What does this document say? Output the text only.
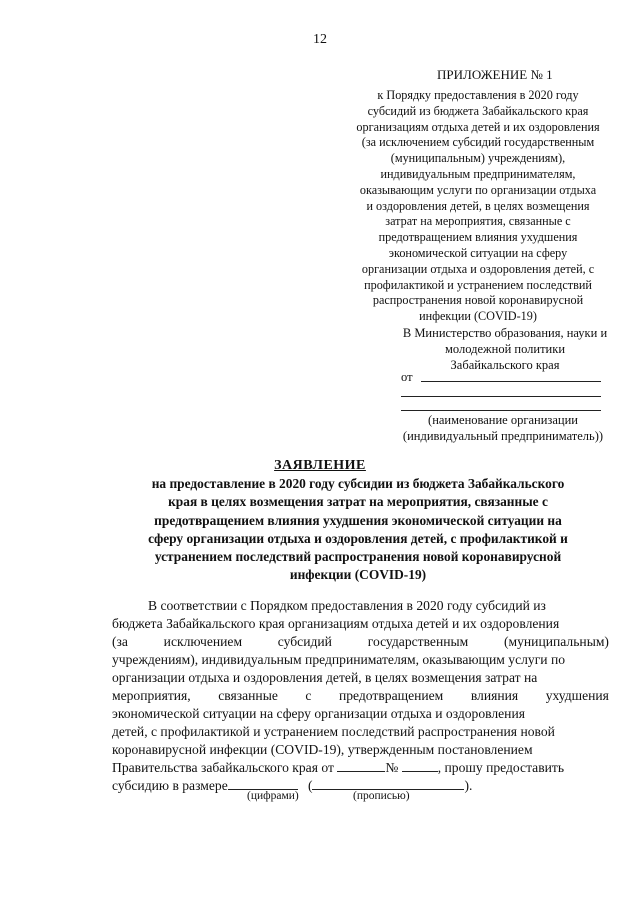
12
ПРИЛОЖЕНИЕ № 1
к Порядку предоставления в 2020 году
субсидий из бюджета Забайкальского края
организациям отдыха детей и их оздоровления
(за исключением субсидий государственным
(муниципальным) учреждениям),
индивидуальным предпринимателям,
оказывающим услуги по организации отдыха
и оздоровления детей, в целях возмещения
затрат на мероприятия, связанные с
предотвращением влияния ухудшения
экономической ситуации на сферу
организации отдыха и оздоровления детей, с
профилактикой и устранением последствий
распространения новой коронавирусной
инфекции (COVID-19)
В Министерство образования, науки и
молодежной политики
Забайкальского края
от
(наименование организации
(индивидуальный предприниматель))
ЗАЯВЛЕНИЕ
на предоставление в 2020 году субсидии из бюджета Забайкальского
края в целях возмещения затрат на мероприятия, связанные с
предотвращением влияния ухудшения экономической ситуации на
сферу организации отдыха и оздоровления детей, с профилактикой и
устранением последствий распространения новой коронавирусной
инфекции (COVID-19)
В соответствии с Порядком предоставления в 2020 году субсидий из
бюджета Забайкальского края организациям отдыха детей и их оздоровления
(за	исключением	субсидий	государственным	(муниципальным)
учреждениям), индивидуальным предпринимателям, оказывающим услуги по
организации отдыха и оздоровления детей, в целях возмещения затрат на
мероприятия, связанные с предотвращением влияния ухудшения
экономической ситуации на сферу организации отдыха и оздоровления
детей, с профилактикой и устранением последствий распространения новой
коронавирусной инфекции (COVID-19), утвержденным постановлением
Правительства забайкальского края от	№	, прошу предоставить
субсидию в размере	(	).
(цифрами)	(прописью)
